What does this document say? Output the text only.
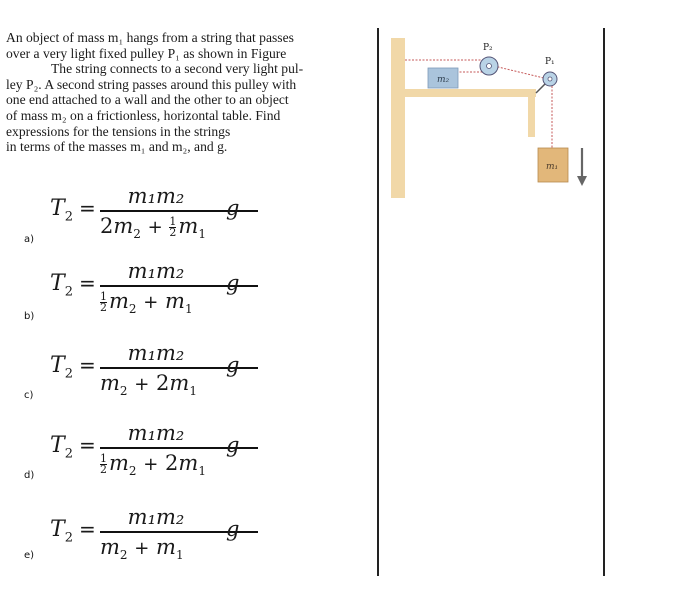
An object of mass m₁ hangs from a string that passes
over a very light fixed pulley P₁ as shown in Figure
The string connects to a second very light pul-
ley P₂. A second string passes around this pulley with
one end attached to a wall and the other to an object
of mass m₂ on a frictionless, horizontal table. Find
expressions for the tensions in the strings
in terms of the masses m₁ and m₂, and g.
a)
$T_2$ =	m₁m₂
$2m_2 + \frac{1}{2} m_1$
g
b)
$T_2$ =	m₁m₂
$\frac{1}{2} m_2 + m_1$
g
c)
$T_2$ =	m₁m₂
$m_2 + 2m_1$
g
d)
$T_2$ =	m₁m₂
$\frac{1}{2} m_2 + 2m_1$
g
e)
$T_2$ =	m₁m₂
$m_2 + m_1$
g
m₂
P₂
P₁
m₁
